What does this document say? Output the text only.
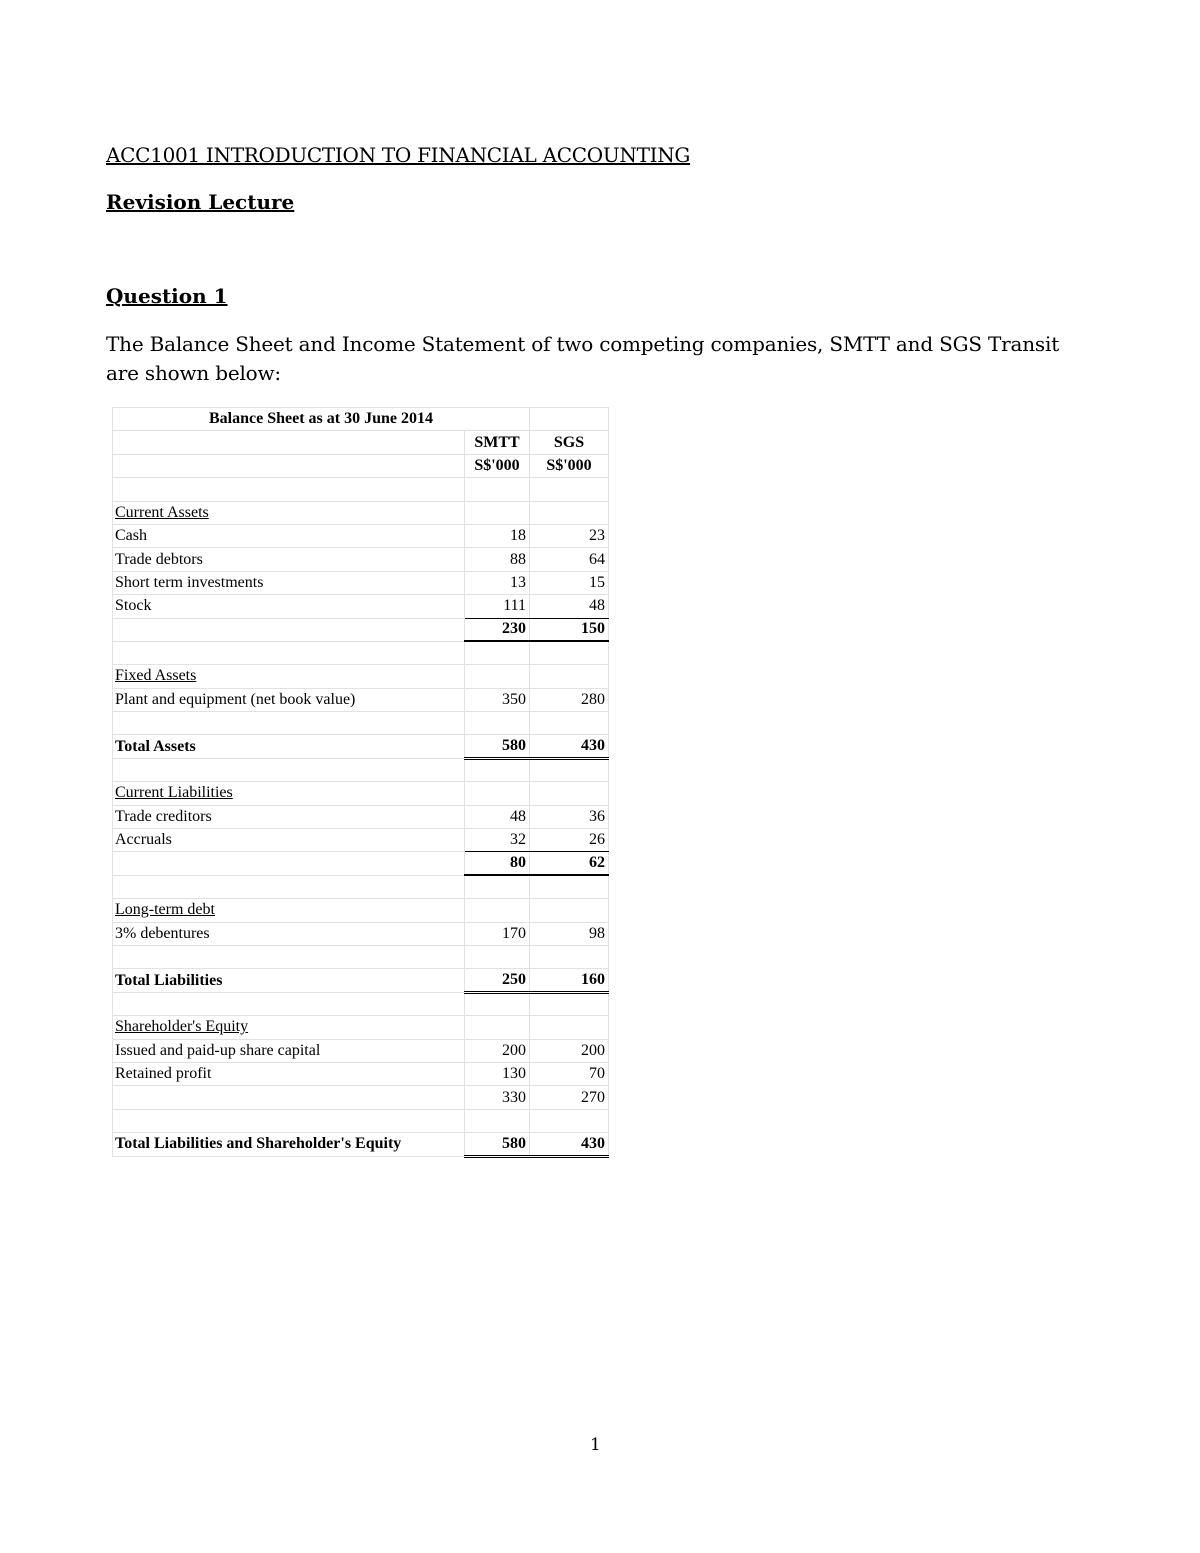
ACC1001 INTRODUCTION TO FINANCIAL ACCOUNTING
Revision Lecture
Question 1
The Balance Sheet and Income Statement of two competing companies, SMTT and SGS Transit are shown below:
Balance Sheet as at 30 June 2014		
	SMTT	SGS
	S$'000	S$'000

Current Assets		
Cash	18	23
Trade debtors	88	64
Short term investments	13	15
Stock	111	48
	230	150

Fixed Assets		
Plant and equipment (net book value)	350	280

Total Assets	580	430

Current Liabilities		
Trade creditors	48	36
Accruals	32	26
	80	62

Long-term debt		
3% debentures	170	98

Total Liabilities	250	160

Shareholder's Equity		
Issued and paid-up share capital	200	200
Retained profit	130	70
	330	270

Total Liabilities and Shareholder's Equity	580	430
1
